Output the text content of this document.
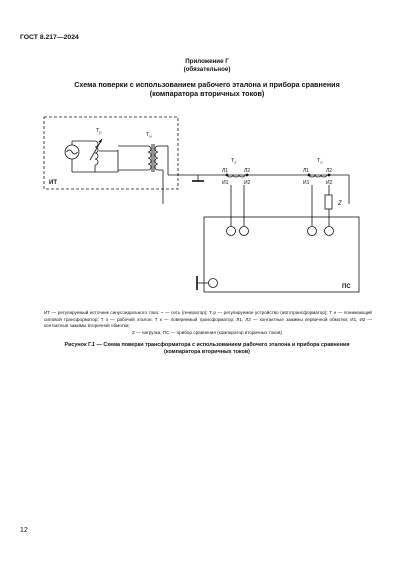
ГОСТ 8.217—2024
Приложение Г
(обязательное)
Схема поверки с использованием рабочего эталона и прибора сравнения
(компаратора вторичных токов)
ИТ
$Т_р$	$Т_н$
$Т_х$
Л1	Л2
И1	И2
$Т_о$
Л1	Л2
И1	И2
Z
ПС
ИТ — регулируемый источник синусоидального тока; ~ — сеть (генератор); Т р — регулируемое устройство (автотрансформатор); Т н — понижающий силовой трансформатор; Т о — рабочий эталон; Т х — поверяемый трансформатор; Л1, Л2 — контактные зажимы первичной обмотки; И1, И2 — контактные зажимы вторичной обмотки;
Z — нагрузка; ПС — прибор сравнения (компаратор вторичных токов)
Рисунок Г.1 — Схема поверки трансформатора с использованием рабочего эталона и прибора сравнения
(компаратора вторичных токов)
12
